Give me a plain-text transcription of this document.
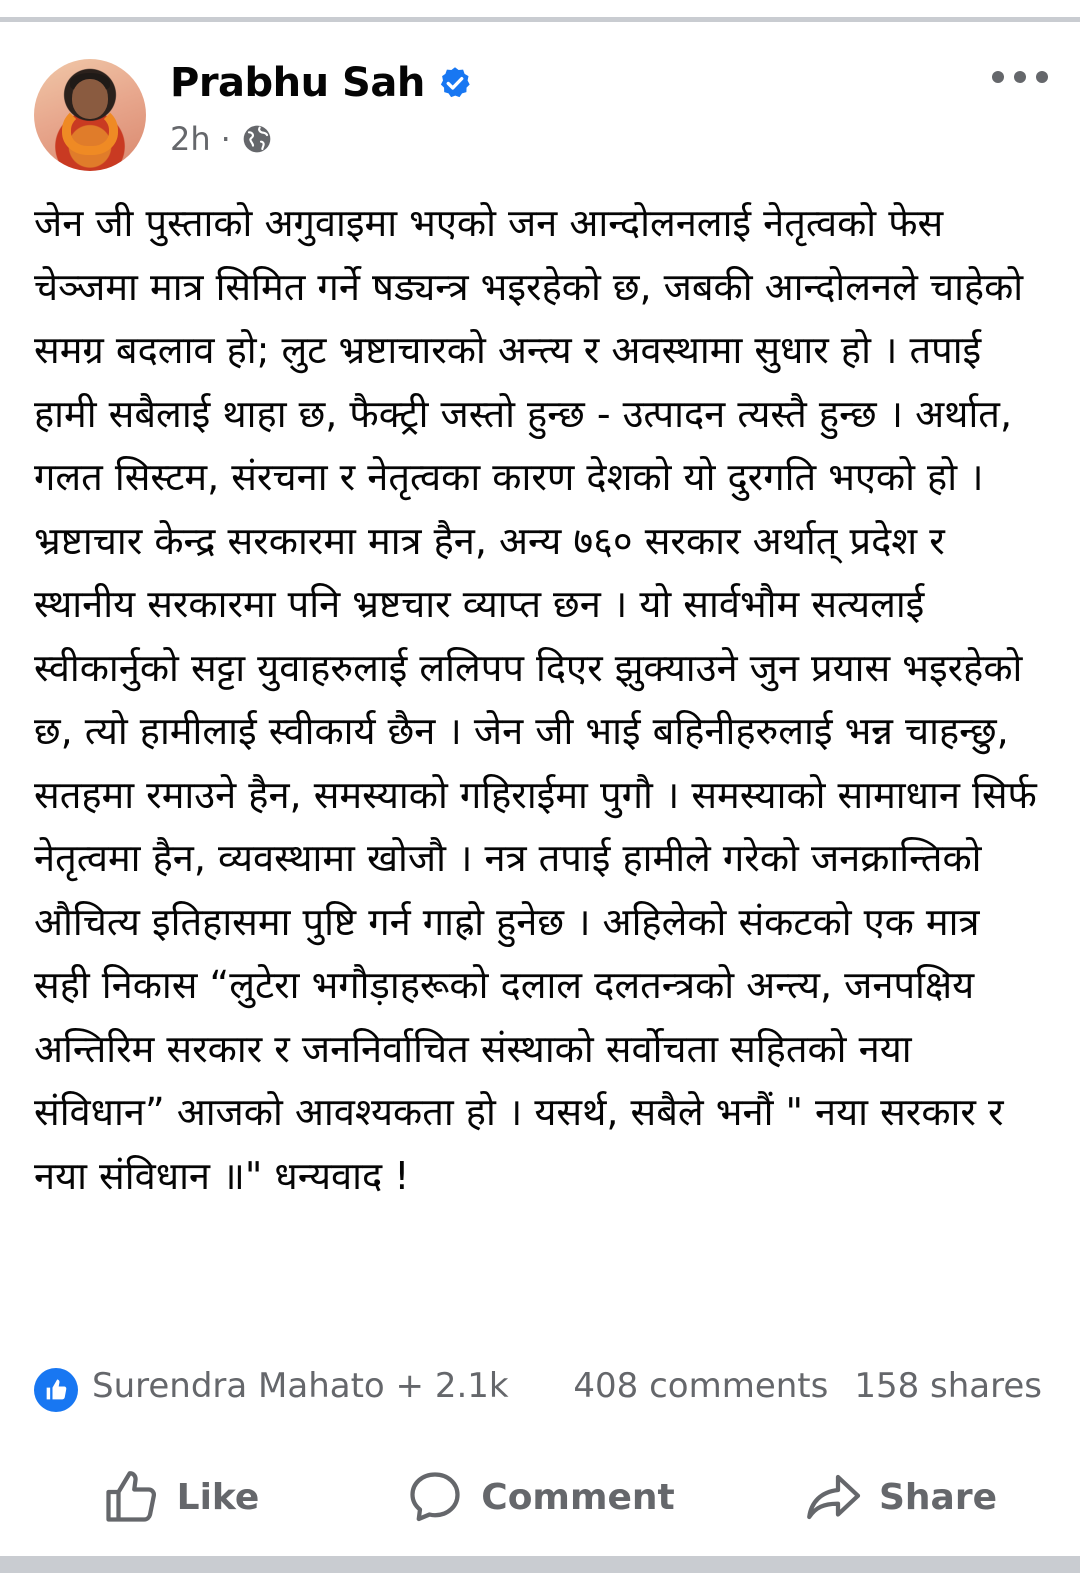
Prabhu Sah
2h ·
जेन जी पुस्ताको अगुवाइमा भएको जन आन्दोलनलाई नेतृत्वको फेस चेञ्जमा मात्र सिमित गर्ने षड्यन्त्र भइरहेको छ, जबकी आन्दोलनले चाहेको समग्र बदलाव हो; लुट भ्रष्टाचारको अन्त्य र अवस्थामा सुधार हो । तपाई हामी सबैलाई थाहा छ, फैक्ट्री जस्तो हुन्छ - उत्पादन त्यस्तै हुन्छ । अर्थात, गलत सिस्टम, संरचना र नेतृत्वका कारण देशको यो दुरगति भएको हो । भ्रष्टाचार केन्द्र सरकारमा मात्र हैन, अन्य ७६० सरकार अर्थात् प्रदेश र स्थानीय सरकारमा पनि भ्रष्टचार व्याप्त छन । यो सार्वभौम सत्यलाई स्वीकार्नुको सट्टा युवाहरुलाई ललिपप दिएर झुक्याउने जुन प्रयास भइरहेको छ, त्यो हामीलाई स्वीकार्य छैन । जेन जी भाई बहिनीहरुलाई भन्न चाहन्छु, सतहमा रमाउने हैन, समस्याको गहिराईमा पुगौ । समस्याको सामाधान सिर्फ नेतृत्वमा हैन, व्यवस्थामा खोजौ । नत्र तपाई हामीले गरेको जनक्रान्तिको औचित्य इतिहासमा पुष्टि गर्न गाह्रो हुनेछ । अहिलेको संकटको एक मात्र सही निकास “लुटेरा भगौड़ाहरूको दलाल दलतन्त्रको अन्त्य, जनपक्षिय अन्तिरिम सरकार र जननिर्वाचित संस्थाको सर्वोचता सहितको नया संविधान” आजको आवश्यकता हो । यसर्थ, सबैले भनौं " नया सरकार र नया संविधान ॥" धन्यवाद !
Surendra Mahato + 2.1k 408 comments 158 shares
Like	Comment	Share
